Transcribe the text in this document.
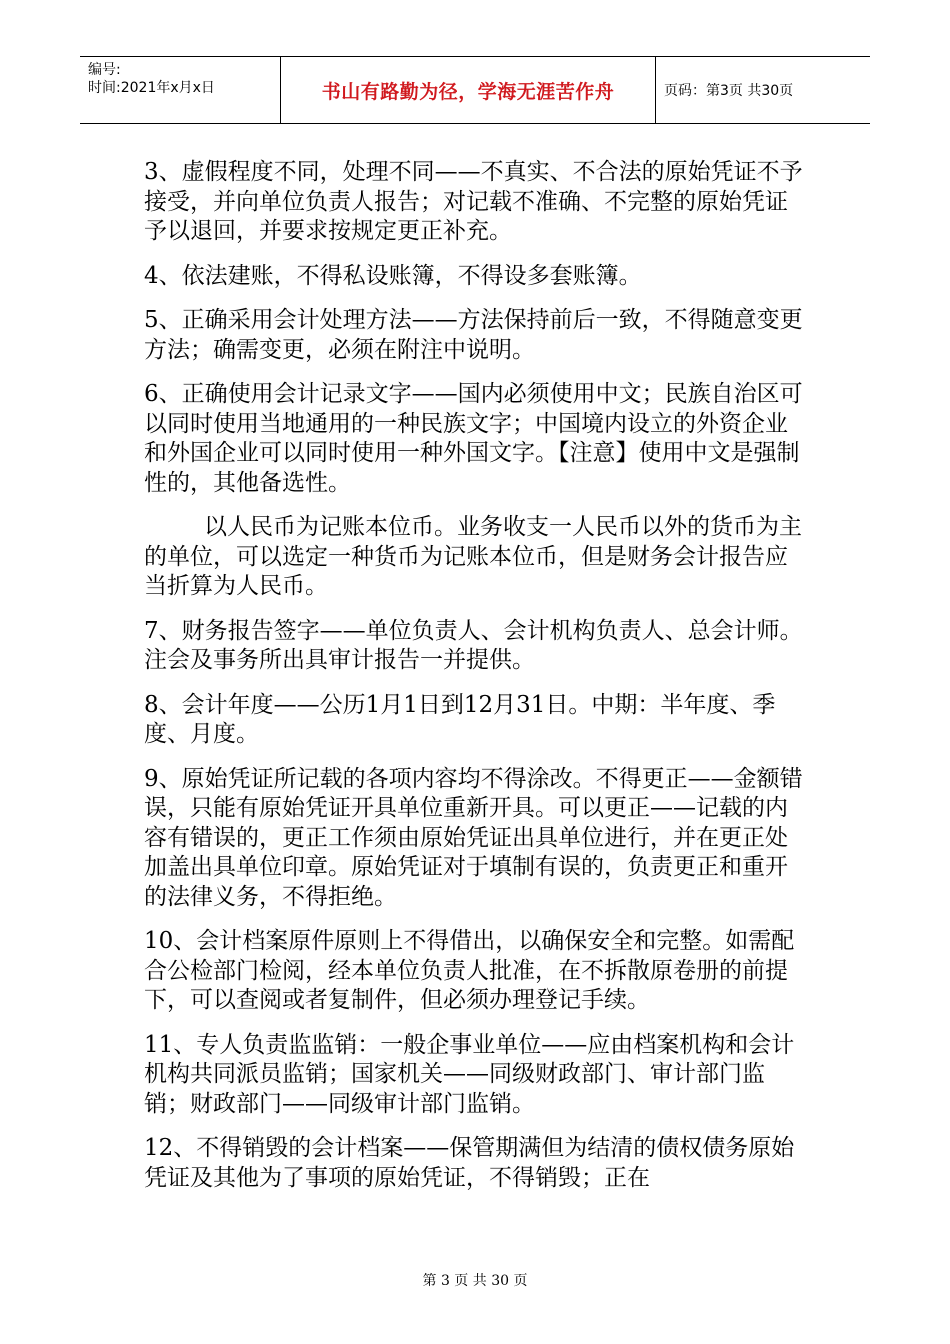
编号:
时间:2021年x月x日	书山有路勤为径，学海无涯苦作舟	页码：第3页 共30页

3、虚假程度不同，处理不同——不真实、不合法的原始凭证不予接受，并向单位负责人报告；对记载不准确、不完整的原始凭证予以退回，并要求按规定更正补充。

4、依法建账，不得私设账簿，不得设多套账簿。

5、正确采用会计处理方法——方法保持前后一致，不得随意变更方法；确需变更，必须在附注中说明。

6、正确使用会计记录文字——国内必须使用中文；民族自治区可以同时使用当地通用的一种民族文字；中国境内设立的外资企业和外国企业可以同时使用一种外国文字。【注意】使用中文是强制性的，其他备选性。

以人民币为记账本位币。业务收支一人民币以外的货币为主的单位，可以选定一种货币为记账本位币，但是财务会计报告应当折算为人民币。

7、财务报告签字——单位负责人、会计机构负责人、总会计师。注会及事务所出具审计报告一并提供。

8、会计年度——公历1月1日到12月31日。中期：半年度、季度、月度。

9、原始凭证所记载的各项内容均不得涂改。不得更正——金额错误，只能有原始凭证开具单位重新开具。可以更正——记载的内容有错误的，更正工作须由原始凭证出具单位进行，并在更正处加盖出具单位印章。原始凭证对于填制有误的，负责更正和重开的法律义务，不得拒绝。

10、会计档案原件原则上不得借出，以确保安全和完整。如需配合公检部门检阅，经本单位负责人批准，在不拆散原卷册的前提下，可以查阅或者复制件，但必须办理登记手续。

11、专人负责监监销：一般企事业单位——应由档案机构和会计机构共同派员监销；国家机关——同级财政部门、审计部门监销；财政部门——同级审计部门监销。

12、不得销毁的会计档案——保管期满但为结清的债权债务原始凭证及其他为了事项的原始凭证，不得销毁；正在

第 3 页 共 30 页
